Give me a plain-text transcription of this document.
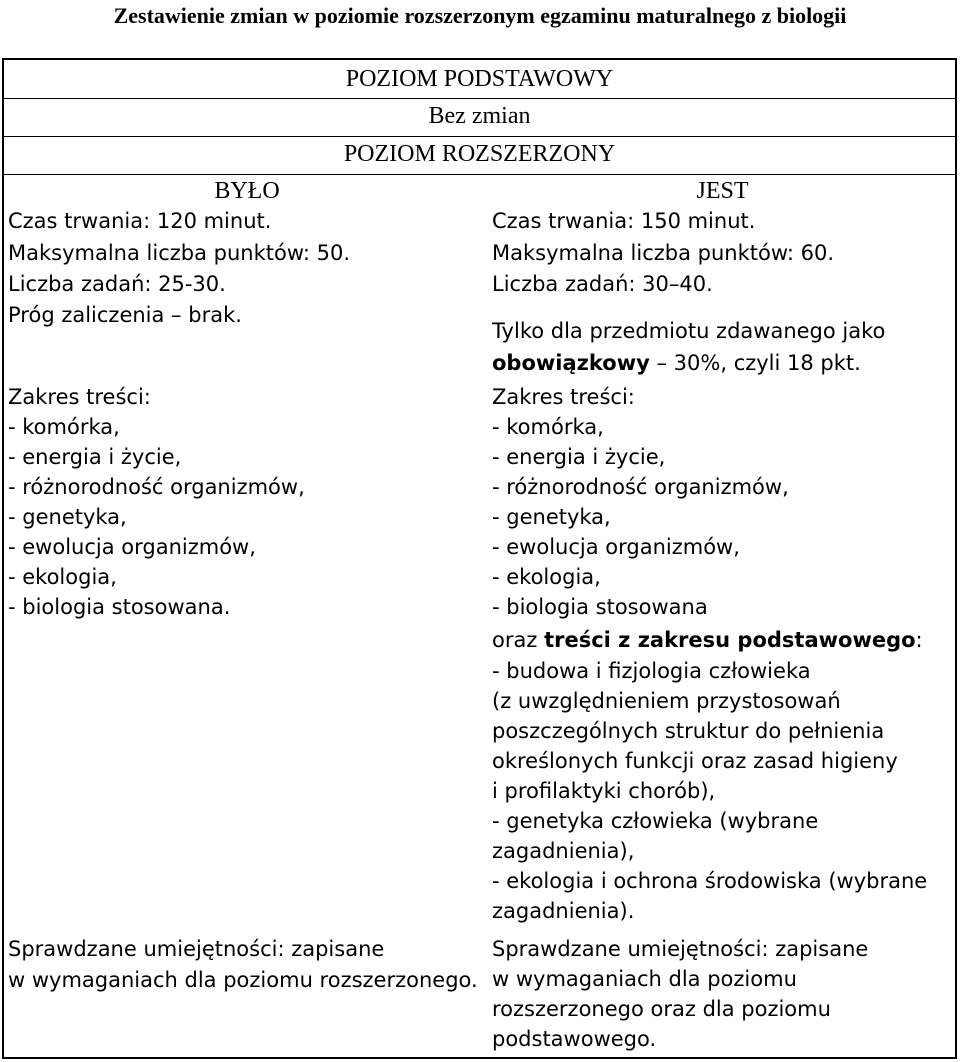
Zestawienie zmian w poziomie rozszerzonym egzaminu maturalnego z biologii
POZIOM PODSTAWOWY
Bez zmian
POZIOM ROZSZERZONY
BYŁO	JEST
Czas trwania: 120 minut.
Maksymalna liczba punktów: 50.
Liczba zadań: 25-30.
Próg zaliczenia – brak.
Zakres treści:
- komórka,
- energia i życie,
- różnorodność organizmów,
- genetyka,
- ewolucja organizmów,
- ekologia,
- biologia stosowana.
Sprawdzane umiejętności: zapisane
w wymaganiach dla poziomu rozszerzonego.
Czas trwania: 150 minut.
Maksymalna liczba punktów: 60.
Liczba zadań: 30–40.
Tylko dla przedmiotu zdawanego jako
obowiązkowy – 30%, czyli 18 pkt.
Zakres treści:
- komórka,
- energia i życie,
- różnorodność organizmów,
- genetyka,
- ewolucja organizmów,
- ekologia,
- biologia stosowana
oraz treści z zakresu podstawowego:
- budowa i fizjologia człowieka
(z uwzględnieniem przystosowań
poszczególnych struktur do pełnienia
określonych funkcji oraz zasad higieny
i profilaktyki chorób),
- genetyka człowieka (wybrane
zagadnienia),
- ekologia i ochrona środowiska (wybrane
zagadnienia).
Sprawdzane umiejętności: zapisane
w wymaganiach dla poziomu
rozszerzonego oraz dla poziomu
podstawowego.
